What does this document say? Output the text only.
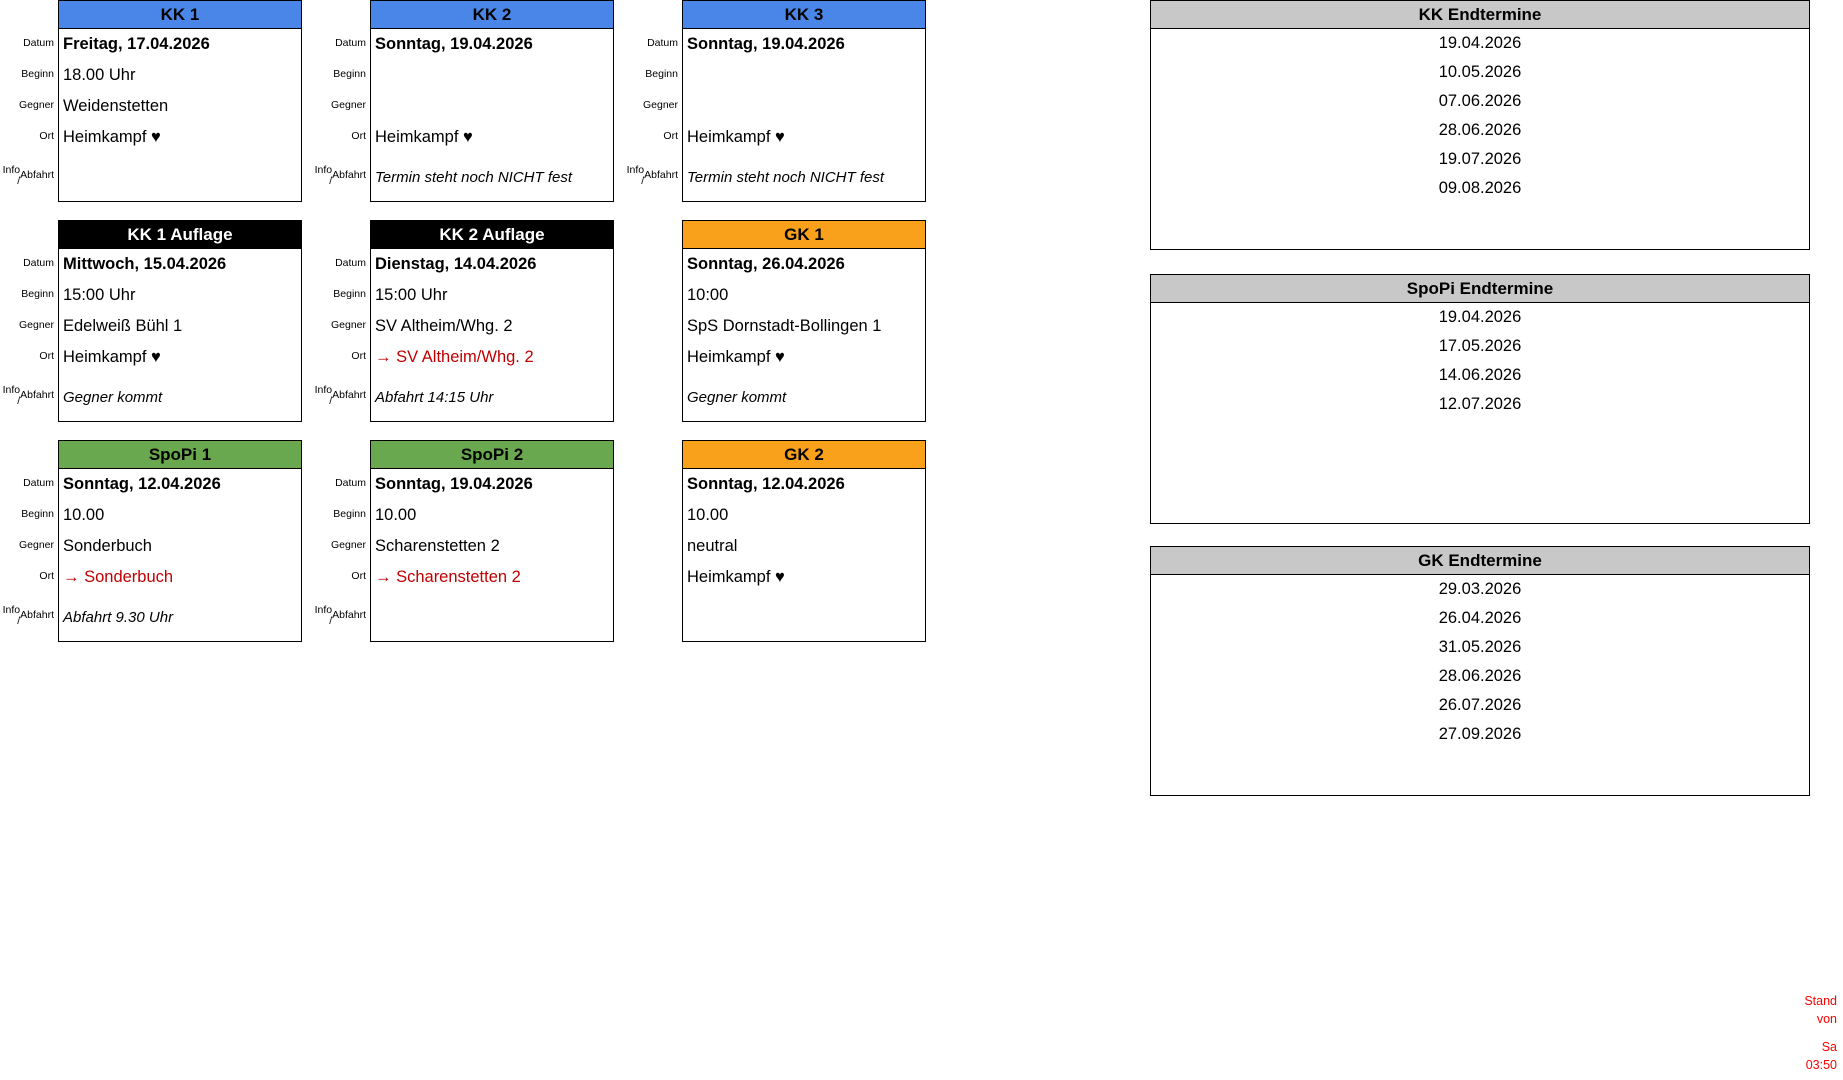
Datum
Beginn
Gegner
Ort
Info / Abfahrt
KK 1
Freitag, 17.04.2026
18.00 Uhr
Weidenstetten
Heimkampf ♥
Datum
Beginn
Gegner
Ort
Info / Abfahrt
KK 2
Sonntag, 19.04.2026
Heimkampf ♥
Termin steht noch NICHT fest
Datum
Beginn
Gegner
Ort
Info / Abfahrt
KK 3
Sonntag, 19.04.2026
Heimkampf ♥
Termin steht noch NICHT fest
Datum
Beginn
Gegner
Ort
Info / Abfahrt
KK 1 Auflage
Mittwoch, 15.04.2026
15:00 Uhr
Edelweiß Bühl 1
Heimkampf ♥
Gegner kommt
Datum
Beginn
Gegner
Ort
Info / Abfahrt
KK 2 Auflage
Dienstag, 14.04.2026
15:00 Uhr
SV Altheim/Whg. 2
→ SV Altheim/Whg. 2
Abfahrt 14:15 Uhr
GK 1
Sonntag, 26.04.2026
10:00
SpS Dornstadt-Bollingen 1
Heimkampf ♥
Gegner kommt
Datum
Beginn
Gegner
Ort
Info / Abfahrt
SpoPi 1
Sonntag, 12.04.2026
10.00
Sonderbuch
→ Sonderbuch
Abfahrt 9.30 Uhr
Datum
Beginn
Gegner
Ort
Info / Abfahrt
SpoPi 2
Sonntag, 19.04.2026
10.00
Scharenstetten 2
→ Scharenstetten 2
GK 2
Sonntag, 12.04.2026
10.00
neutral
Heimkampf ♥
KK Endtermine
19.04.2026
10.05.2026
07.06.2026
28.06.2026
19.07.2026
09.08.2026
SpoPi Endtermine
19.04.2026
17.05.2026
14.06.2026
12.07.2026
GK Endtermine
29.03.2026
26.04.2026
31.05.2026
28.06.2026
26.07.2026
27.09.2026
Stand
von
Sa
03:50
